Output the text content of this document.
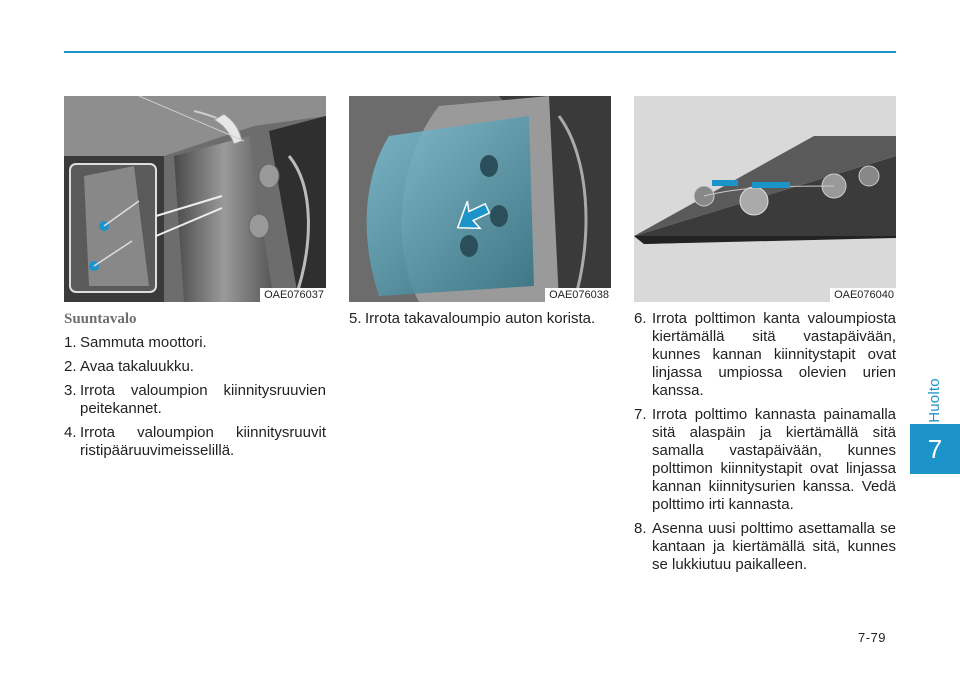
Huolto
7
OAE076037	OAE076038	OAE076040
Suuntavalo
1. Sammuta moottori.
2. Avaa takaluukku.
3. Irrota valoumpion kiinnitysruuvien peitekannet.
4. Irrota valoumpion kiinnitysruuvit ristipääruuvimeisselillä.
5. Irrota takavaloumpio auton korista.	6. Irrota polttimon kanta valoumpiosta kiertämällä sitä vastapäivään, kunnes kannan kiinnitystapit ovat linjassa umpiossa olevien urien kanssa.
7. Irrota polttimo kannasta painamalla sitä alaspäin ja kiertämällä sitä samalla vastapäivään, kunnes polttimon kiinnitystapit ovat linjassa kannan kiinnitysurien kanssa. Vedä polttimo irti kannasta.
8. Asenna uusi polttimo asettamalla se kantaan ja kiertämällä sitä, kunnes se lukkiutuu paikalleen.
7-79
